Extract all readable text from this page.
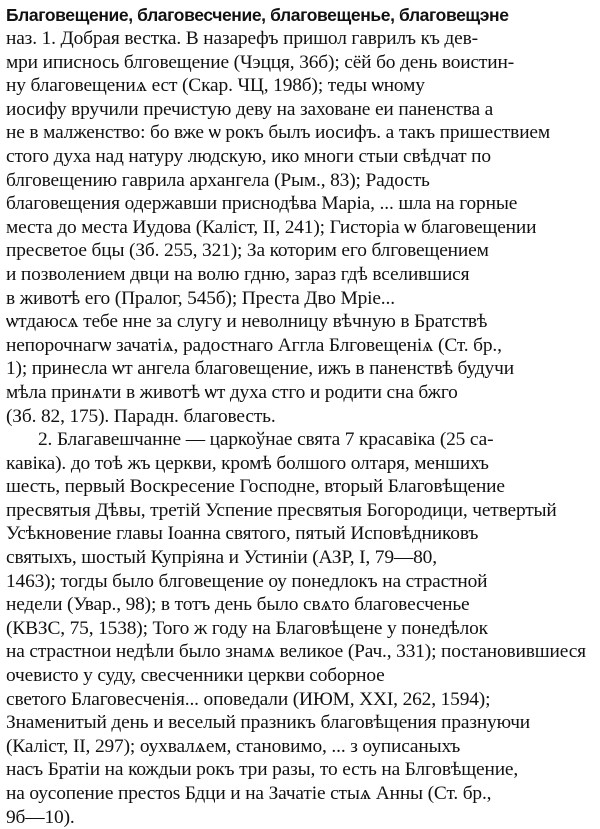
Благовещение, благовесчение, благовещенье, благовещэне
наз. 1. Добрая вестка. В назарефъ пришол гаврилъ къ дев-
мри иписнось блговещение (Чэцця, 36б); сёй бо день воистин-
ну благовещениѧ ест (Скар. ЧЦ, 198б); теды ѡному
иосифу вручили пречистую деву на заховане еи паненства а
не в малженство: бо вже ѡ рокъ былъ иосифъ. а такъ пришествием
стого духа над натуру людскую, ико многи стыи свѣдчат по
блговещению гаврила архангела (Рым., 83); Радость
благовещения одержавши приснодѣва Марiа, ... шла на горные
места до места Иудова (Калiст, II, 241); Гисторiа ѡ благовещении
пресветое бцы (Зб. 255, 321); За которим его блговещением
и позволением двци на волю гдню, зараз гдѣ вселившися
в животѣ его (Пралог, 545б); Преста Дво Мрiе...
ѡтдаюсѧ тебе нне за слугу и неволницу вѣчную в Братствѣ
непорочнагѡ зачатiѧ, радостнаго Аггла Блговещенiѧ (Ст. бр.,
1); принесла ѡт ангела благовещение, ижъ в паненствѣ будучи
мѣла принѧти в животѣ ѡт духа стго и родити сна бжго
(Зб. 82, 175). Парадн. благовесть.
2. Благавешчанне — царкоўнае свята 7 красавіка (25 са-
кавіка). до тоѣ жъ церкви, кромѣ болшого олтаря, меншихъ
шесть, первый Воскресение Господне, вторый Благовѣщение
пресвятыя Дѣвы, третiй Успение пресвятыя Богородици, четвертый
Усѣкновение главы Іоанна святого, пятый Исповѣдниковъ
святыхъ, шостый Купрiяна и Устинiи (АЗР, I, 79—80,
1463); тогды было блговещение оу понедлокъ на страстной
недели (Увар., 98); в тотъ день было свѧто благовесченье
(КВЗС, 75, 1538); Того ж году на Благовѣщене у понедѣлок
на страстнои недѣли было знамѧ великое (Рач., 331); постановившиеся
очевисто у суду, свесченники церкви соборное
светого Благовесченiя... оповедали (ИЮМ, XXI, 262, 1594);
Знаменитый день и веселый празникъ благовѣщения празнуючи
(Калiст, II, 297); оухвалѧем, становимо, ... з оуписаныхъ
насъ Братiи на кождыи рокъ три разы, то есть на Блговѣщение,
на оусопение престоѕ Бдци и на Зачатiе стыѧ Анны (Ст. бр.,
9б—10).
